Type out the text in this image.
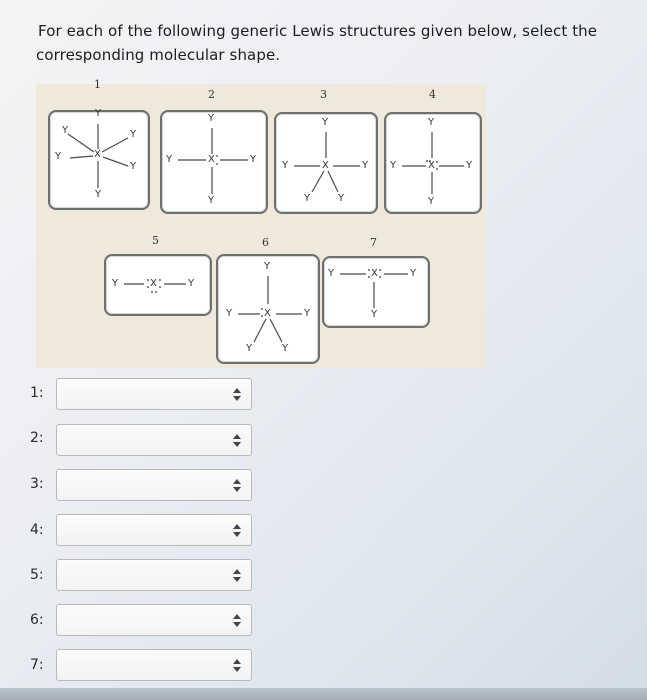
For each of the following generic Lewis structures given below, select the
corresponding molecular shape.
1
Y
Y	Y
Y	X
Y
Y
2
Y
Y	X	Y
Y
3
Y
Y	X	Y
Y	Y
4
Y
Y	X	Y
Y
5
Y	X	Y
6
Y
Y	X	Y
Y	Y
7
Y	X	Y
Y
1:
2:
3:
4:
5:
6:
7:
